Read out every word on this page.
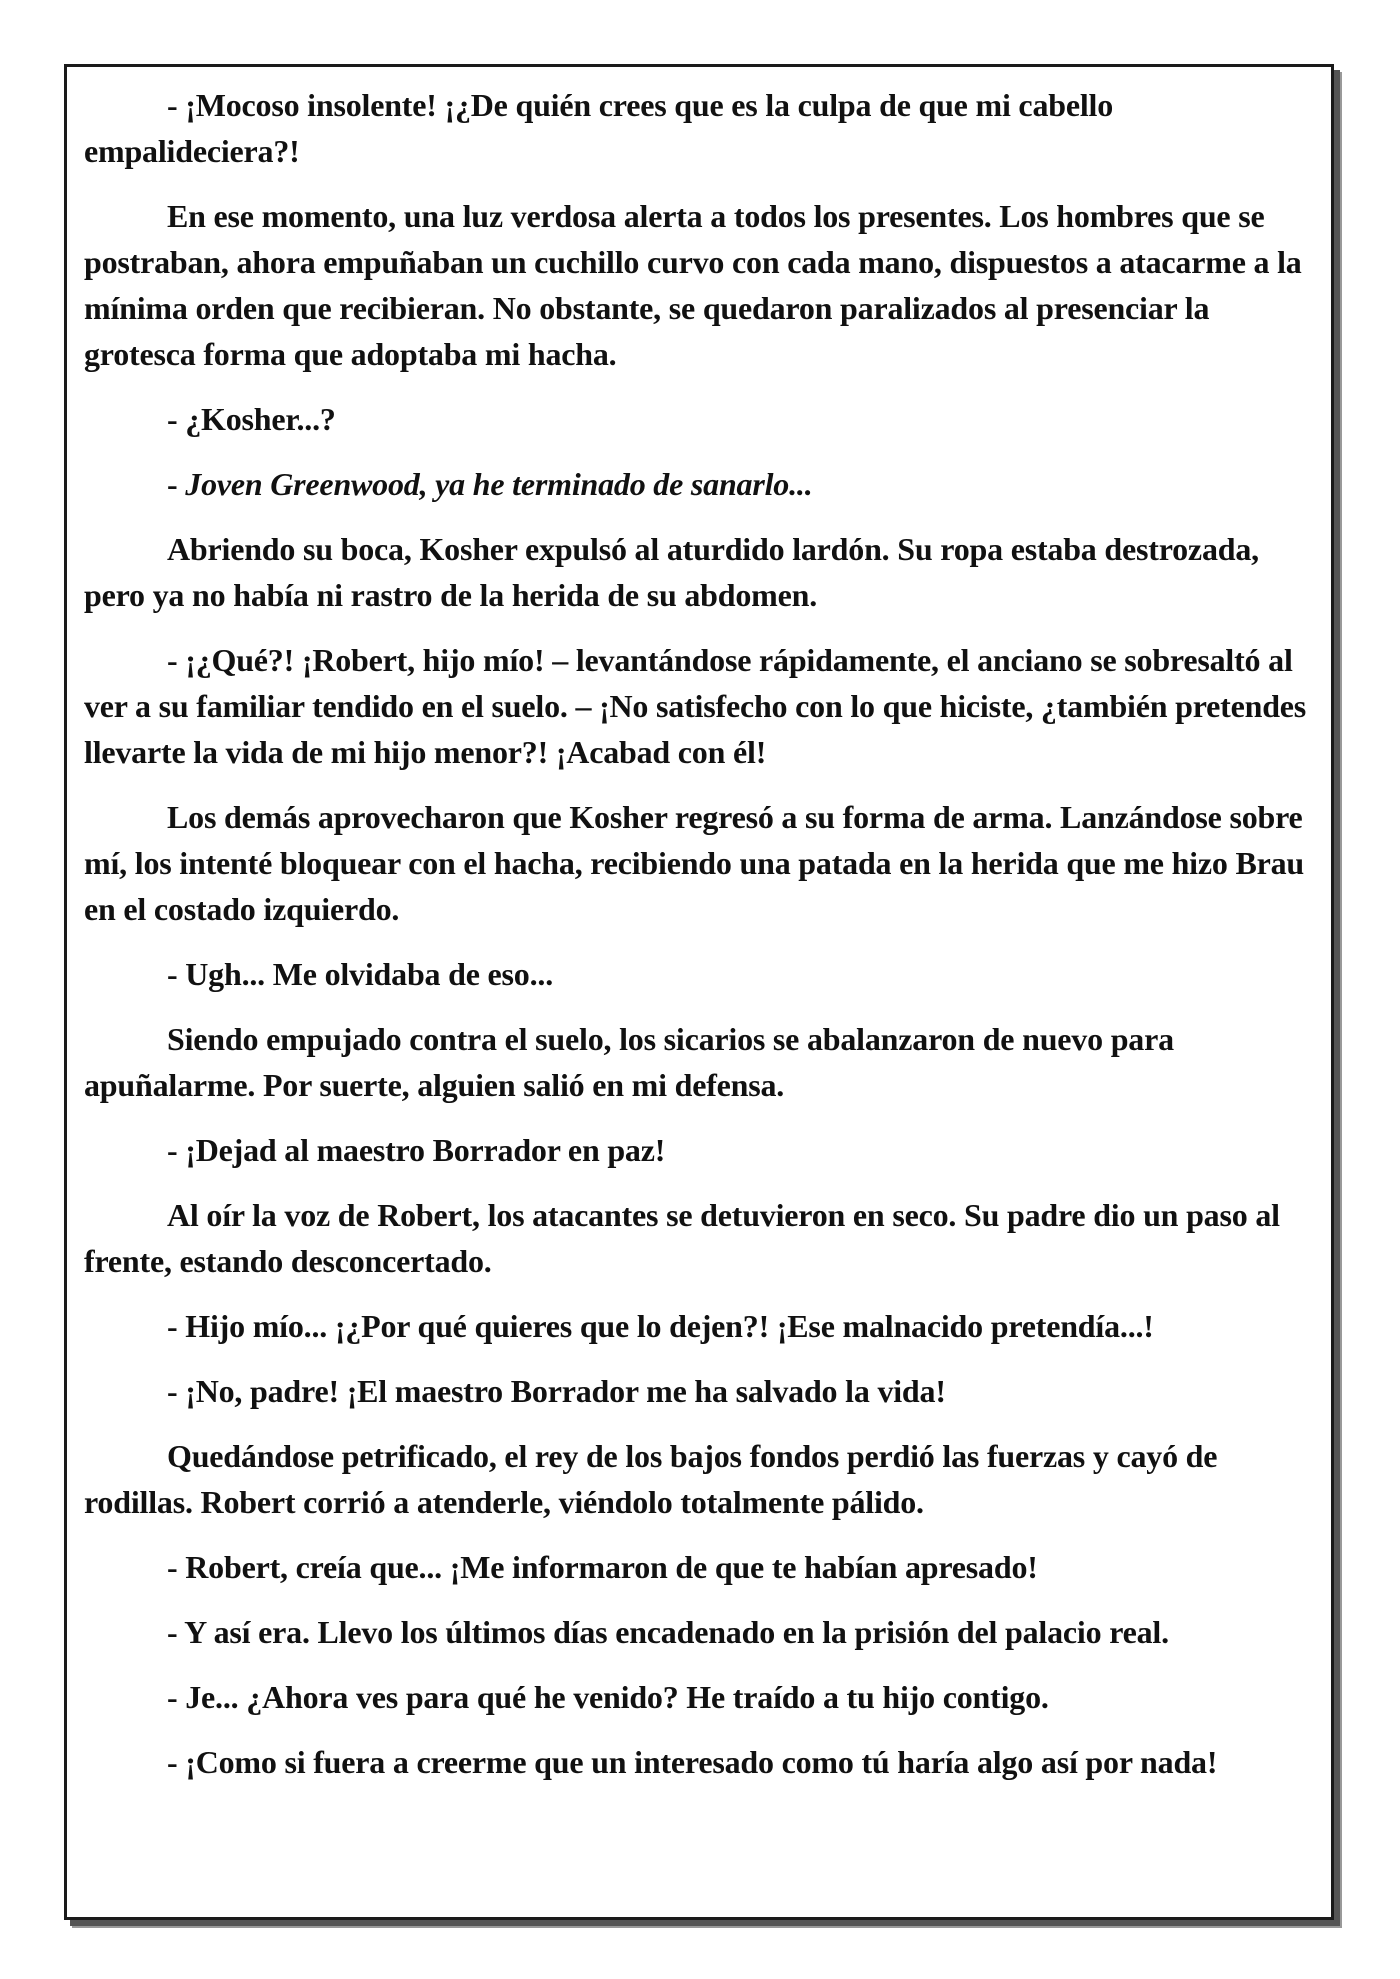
- ¡Mocoso insolente! ¡¿De quién crees que es la culpa de que mi cabello empalideciera?!

En ese momento, una luz verdosa alerta a todos los presentes. Los hombres que se postraban, ahora empuñaban un cuchillo curvo con cada mano, dispuestos a atacarme a la mínima orden que recibieran. No obstante, se quedaron paralizados al presenciar la grotesca forma que adoptaba mi hacha.

- ¿Kosher...?

- Joven Greenwood, ya he terminado de sanarlo...

Abriendo su boca, Kosher expulsó al aturdido lardón. Su ropa estaba destrozada, pero ya no había ni rastro de la herida de su abdomen.

- ¡¿Qué?! ¡Robert, hijo mío! – levantándose rápidamente, el anciano se sobresaltó al ver a su familiar tendido en el suelo. – ¡No satisfecho con lo que hiciste, ¿también pretendes llevarte la vida de mi hijo menor?! ¡Acabad con él!

Los demás aprovecharon que Kosher regresó a su forma de arma. Lanzándose sobre mí, los intenté bloquear con el hacha, recibiendo una patada en la herida que me hizo Brau en el costado izquierdo.

- Ugh... Me olvidaba de eso...

Siendo empujado contra el suelo, los sicarios se abalanzaron de nuevo para apuñalarme. Por suerte, alguien salió en mi defensa.

- ¡Dejad al maestro Borrador en paz!

Al oír la voz de Robert, los atacantes se detuvieron en seco. Su padre dio un paso al frente, estando desconcertado.

- Hijo mío... ¡¿Por qué quieres que lo dejen?! ¡Ese malnacido pretendía...!

- ¡No, padre! ¡El maestro Borrador me ha salvado la vida!

Quedándose petrificado, el rey de los bajos fondos perdió las fuerzas y cayó de rodillas. Robert corrió a atenderle, viéndolo totalmente pálido.

- Robert, creía que... ¡Me informaron de que te habían apresado!

- Y así era. Llevo los últimos días encadenado en la prisión del palacio real.

- Je... ¿Ahora ves para qué he venido? He traído a tu hijo contigo.

- ¡Como si fuera a creerme que un interesado como tú haría algo así por nada!
